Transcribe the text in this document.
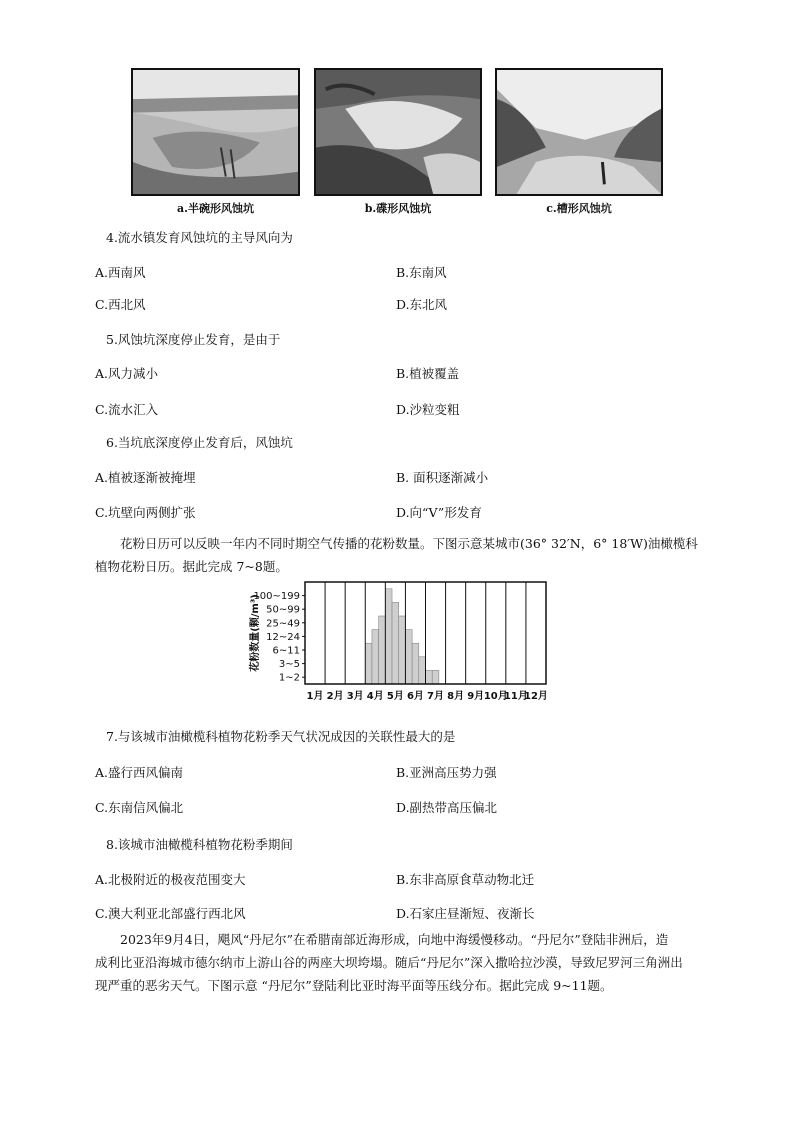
a.半碗形风蚀坑	b.碟形风蚀坑	c.槽形风蚀坑
4.流水镇发育风蚀坑的主导风向为
A.西南风	B.东南风
C.西北风	D.东北风
5.风蚀坑深度停止发育，是由于
A.风力减小	B.植被覆盖
C.流水汇入	D.沙粒变粗
6.当坑底深度停止发育后，风蚀坑
A.植被逐渐被掩埋	B. 面积逐渐减小
C.坑壁向两侧扩张	D.向“V”形发育

花粉日历可以反映一年内不同时期空气传播的花粉数量。下图示意某城市(36° 32′N，6° 18′W)油橄榄科

植物花粉日历。据此完成 7~8题。

1~2
3~5
6~11
12~24
25~49
50~99
100~199
1月 2月 3月 4月 5月 6月 7月 8月 9月 10月
11月
12月
花粉数量(颗/m³)
7.与该城市油橄榄科植物花粉季天气状况成因的关联性最大的是
A.盛行西风偏南	B.亚洲高压势力强
C.东南信风偏北	D.副热带高压偏北
8.该城市油橄榄科植物花粉季期间
A.北极附近的极夜范围变大	B.东非高原食草动物北迁
C.澳大利亚北部盛行西北风	D.石家庄昼渐短、夜渐长

2023年9月4日，飓风“丹尼尔”在希腊南部近海形成，向地中海缓慢移动。“丹尼尔”登陆非洲后，造

成利比亚沿海城市德尔纳市上游山谷的两座大坝垮塌。随后“丹尼尔”深入撒哈拉沙漠，导致尼罗河三角洲出

现严重的恶劣天气。下图示意 “丹尼尔”登陆利比亚时海平面等压线分布。据此完成 9~11题。
